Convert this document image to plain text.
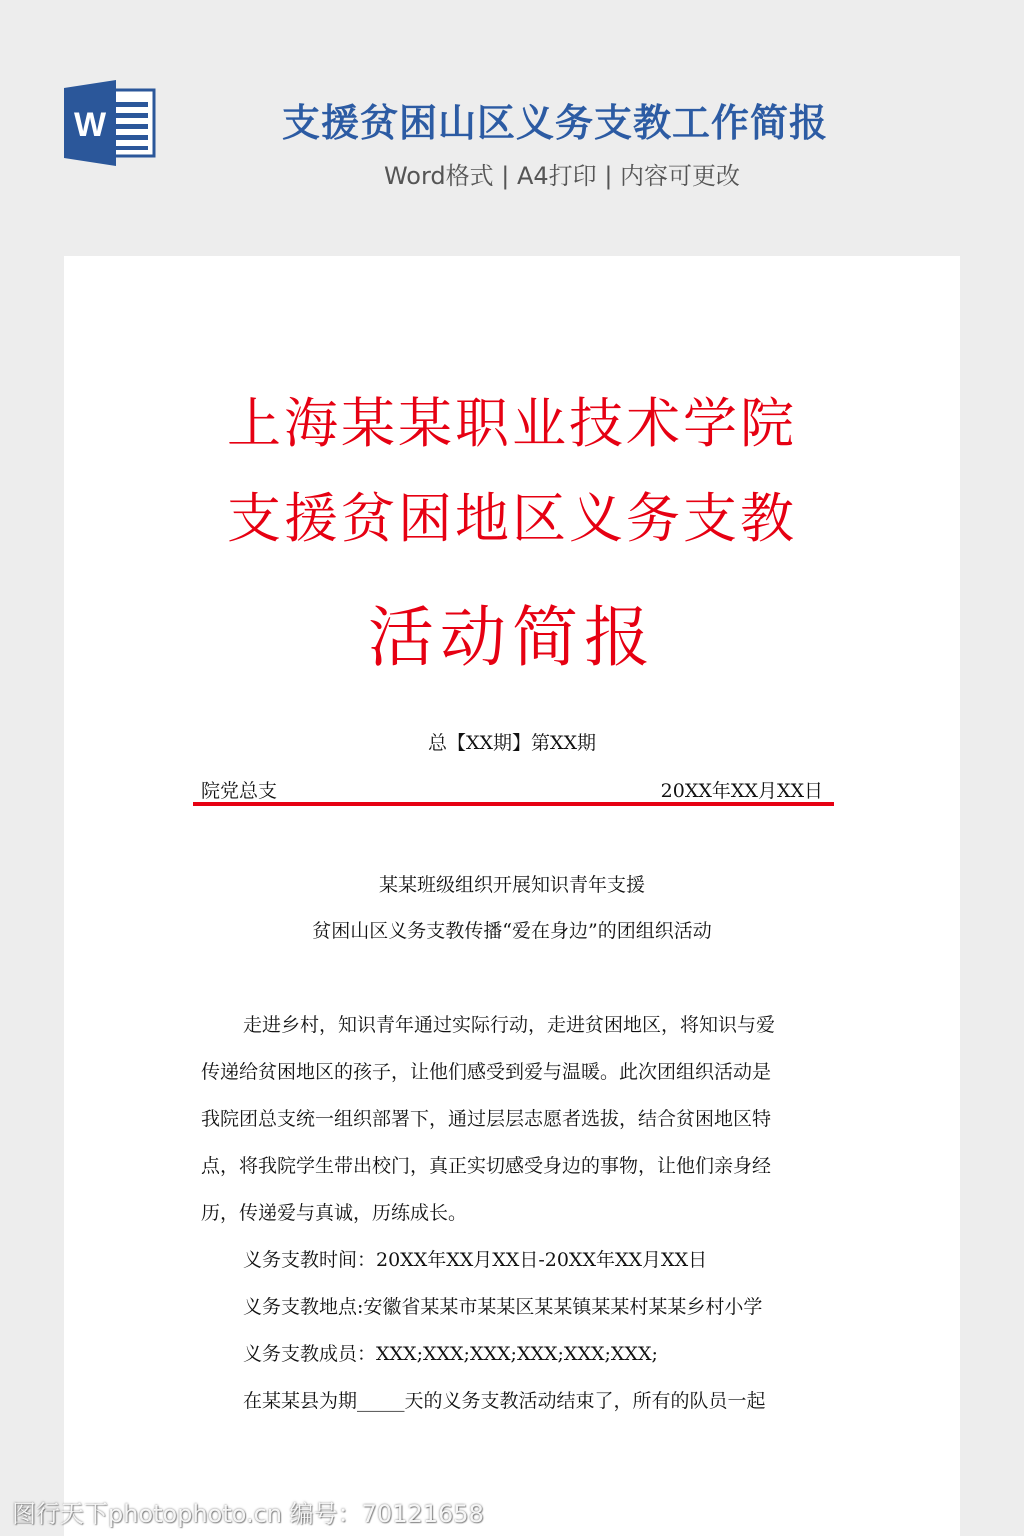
W	支援贫困山区义务支教工作简报
Word格式 | A4打印 | 内容可更改
上海某某职业技术学院
支援贫困地区义务支教
活动简报
总【XX期】第XX期
院党总支	20XX年XX月XX日
某某班级组织开展知识青年支援
贫困山区义务支教传播“爱在身边”的团组织活动
走进乡村，知识青年通过实际行动，走进贫困地区，将知识与爱
传递给贫困地区的孩子，让他们感受到爱与温暖。此次团组织活动是
我院团总支统一组织部署下，通过层层志愿者选拔，结合贫困地区特
点，将我院学生带出校门，真正实切感受身边的事物，让他们亲身经
历，传递爱与真诚，历练成长。
义务支教时间：20XX年XX月XX日-20XX年XX月XX日
义务支教地点:安徽省某某市某某区某某镇某某村某某乡村小学
义务支教成员：XXX;XXX;XXX;XXX;XXX;XXX;
在某某县为期_____天的义务支教活动结束了，所有的队员一起
图行天下photophoto.cn 编号：70121658
